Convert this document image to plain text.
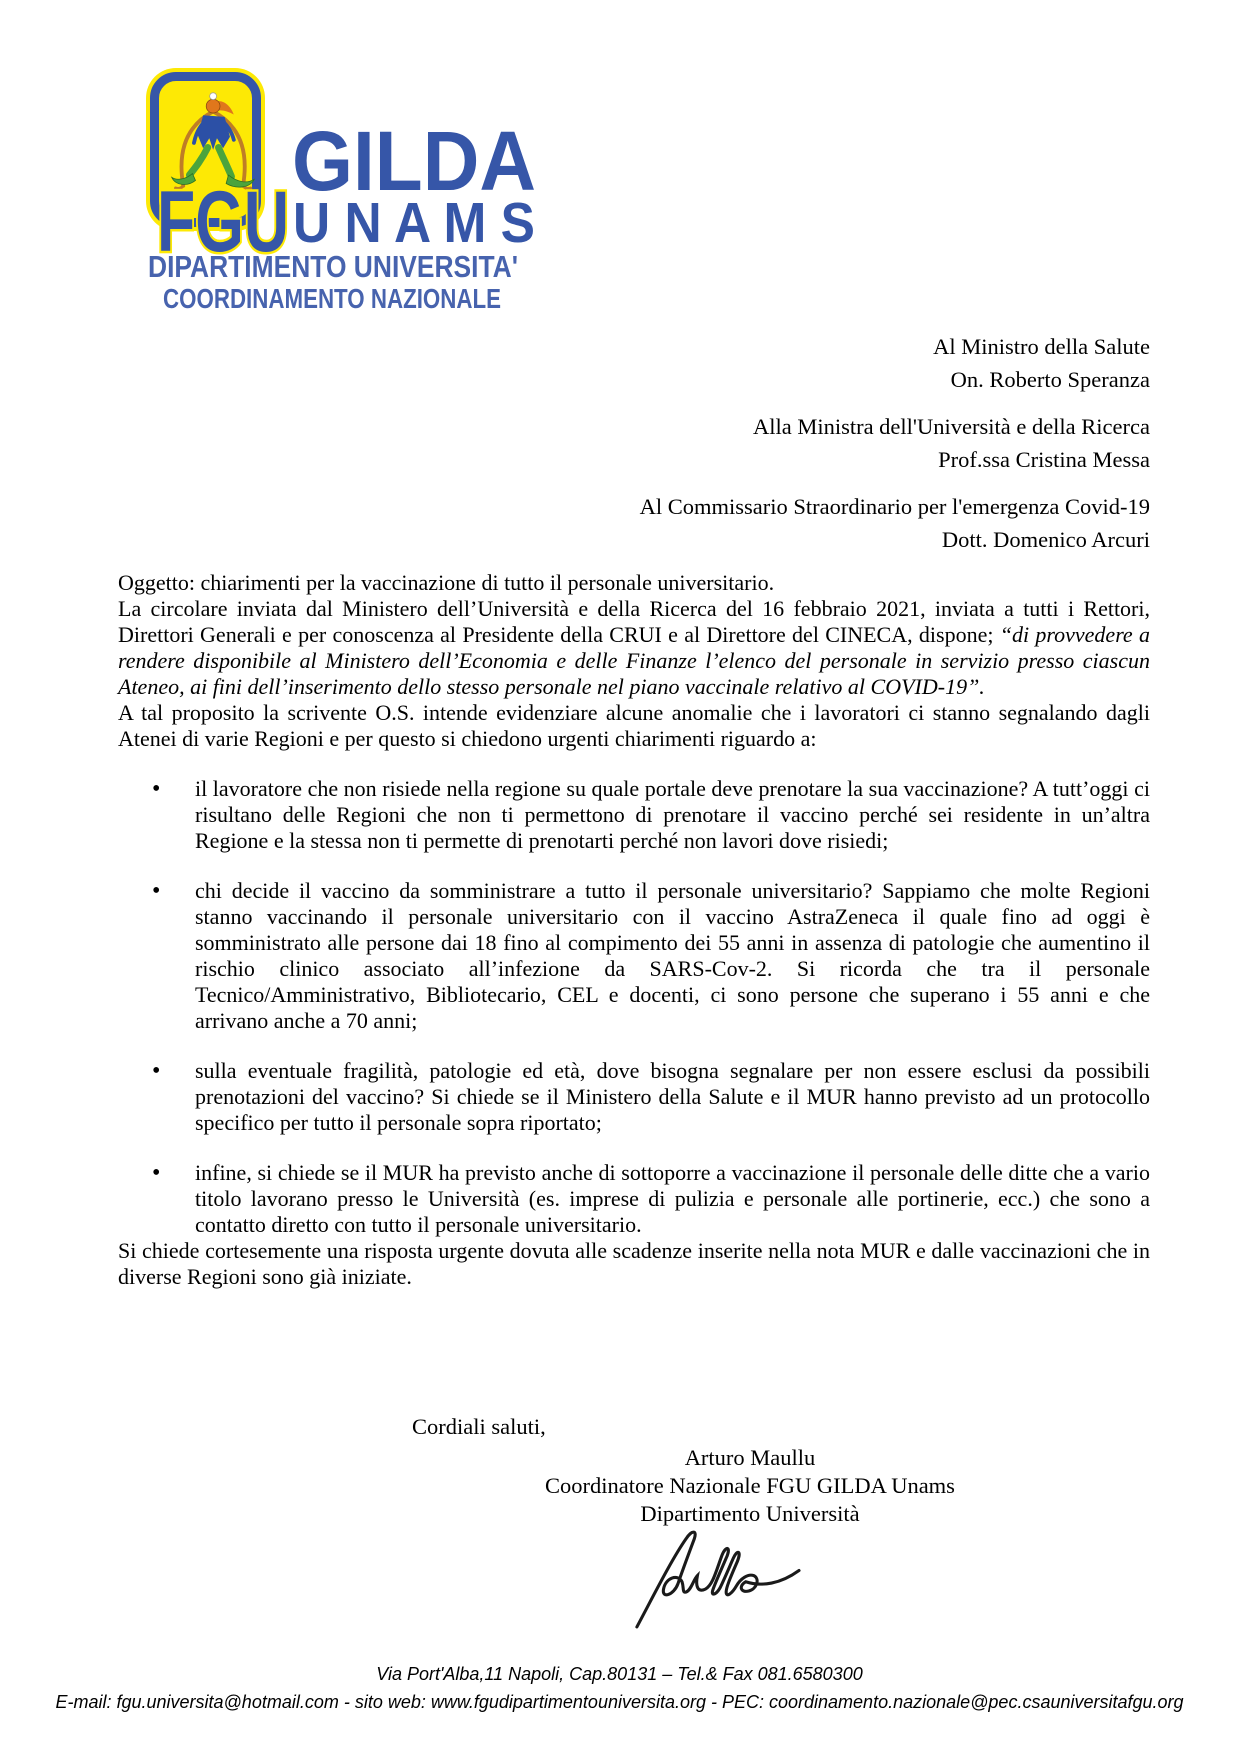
FGU
GILDA
U N A M S
DIPARTIMENTO UNIVERSITA'
COORDINAMENTO NAZIONALE
Al Ministro della Salute
On. Roberto Speranza
Alla Ministra dell'Università e della Ricerca
Prof.ssa Cristina Messa
Al Commissario Straordinario per l'emergenza Covid-19
Dott. Domenico Arcuri

Oggetto: chiarimenti per la vaccinazione di tutto il personale universitario.

La circolare inviata dal Ministero dell’Università e della Ricerca del 16 febbraio 2021, inviata a tutti i Rettori, Direttori Generali e per conoscenza al Presidente della CRUI e al Direttore del CINECA, dispone; “di provvedere a rendere disponibile al Ministero dell’Economia e delle Finanze l’elenco del personale in servizio presso ciascun Ateneo, ai fini dell’inserimento dello stesso personale nel piano vaccinale relativo al COVID-19”.

A tal proposito la scrivente O.S. intende evidenziare alcune anomalie che i lavoratori ci stanno segnalando dagli Atenei di varie Regioni e per questo si chiedono urgenti chiarimenti riguardo a:

• il lavoratore che non risiede nella regione su quale portale deve prenotare la sua vaccinazione? A tutt’oggi ci risultano delle Regioni che non ti permettono di prenotare il vaccino perché sei residente in un’altra Regione e la stessa non ti permette di prenotarti perché non lavori dove risiedi;
• chi decide il vaccino da somministrare a tutto il personale universitario? Sappiamo che molte Regioni stanno vaccinando il personale universitario con il vaccino AstraZeneca il quale fino ad oggi è somministrato alle persone dai 18 fino al compimento dei 55 anni in assenza di patologie che aumentino il rischio clinico associato all’infezione da SARS-Cov-2. Si ricorda che tra il personale Tecnico/Amministrativo, Bibliotecario, CEL e docenti, ci sono persone che superano i 55 anni e che arrivano anche a 70 anni;
• sulla eventuale fragilità, patologie ed età, dove bisogna segnalare per non essere esclusi da possibili prenotazioni del vaccino? Si chiede se il Ministero della Salute e il MUR hanno previsto ad un protocollo specifico per tutto il personale sopra riportato;
• infine, si chiede se il MUR ha previsto anche di sottoporre a vaccinazione il personale delle ditte che a vario titolo lavorano presso le Università (es. imprese di pulizia e personale alle portinerie, ecc.) che sono a contatto diretto con tutto il personale universitario.

Si chiede cortesemente una risposta urgente dovuta alle scadenze inserite nella nota MUR e dalle vaccinazioni che in diverse Regioni sono già iniziate.

Cordiali saluti,
Arturo Maullu
Coordinatore Nazionale FGU GILDA Unams
Dipartimento Università
Via Port'Alba,11 Napoli, Cap.80131 – Tel.& Fax 081.6580300
E-mail: fgu.universita@hotmail.com - sito web: www.fgudipartimentouniversita.org - PEC: coordinamento.nazionale@pec.csauniversitafgu.org
